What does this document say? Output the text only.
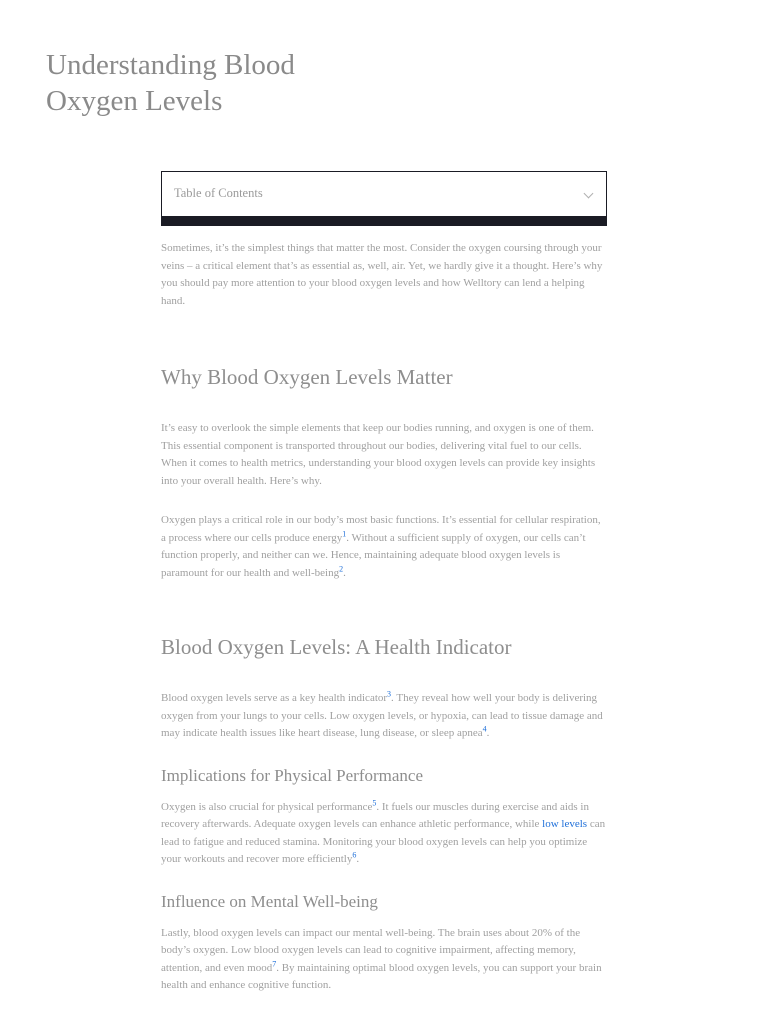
Understanding Blood Oxygen Levels
Table of Contents

Sometimes, it’s the simplest things that matter the most. Consider the oxygen coursing through your veins – a critical element that’s as essential as, well, air. Yet, we hardly give it a thought. Here’s why you should pay more attention to your blood oxygen levels and how Welltory can lend a helping hand.

Why Blood Oxygen Levels Matter

It’s easy to overlook the simple elements that keep our bodies running, and oxygen is one of them. This essential component is transported throughout our bodies, delivering vital fuel to our cells. When it comes to health metrics, understanding your blood oxygen levels can provide key insights into your overall health. Here’s why.

Oxygen plays a critical role in our body’s most basic functions. It’s essential for cellular respiration, a process where our cells produce energy$^1$. Without a sufficient supply of oxygen, our cells can’t function properly, and neither can we. Hence, maintaining adequate blood oxygen levels is paramount for our health and well-being$^2$.

Blood Oxygen Levels: A Health Indicator

Blood oxygen levels serve as a key health indicator$^3$. They reveal how well your body is delivering oxygen from your lungs to your cells. Low oxygen levels, or hypoxia, can lead to tissue damage and may indicate health issues like heart disease, lung disease, or sleep apnea$^4$.

Implications for Physical Performance

Oxygen is also crucial for physical performance$^5$. It fuels our muscles during exercise and aids in recovery afterwards. Adequate oxygen levels can enhance athletic performance, while low levels can lead to fatigue and reduced stamina. Monitoring your blood oxygen levels can help you optimize your workouts and recover more efficiently$^6$.

Influence on Mental Well-being

Lastly, blood oxygen levels can impact our mental well-being. The brain uses about 20% of the body’s oxygen. Low blood oxygen levels can lead to cognitive impairment, affecting memory, attention, and even mood$^7$. By maintaining optimal blood oxygen levels, you can support your brain health and enhance cognitive function.
